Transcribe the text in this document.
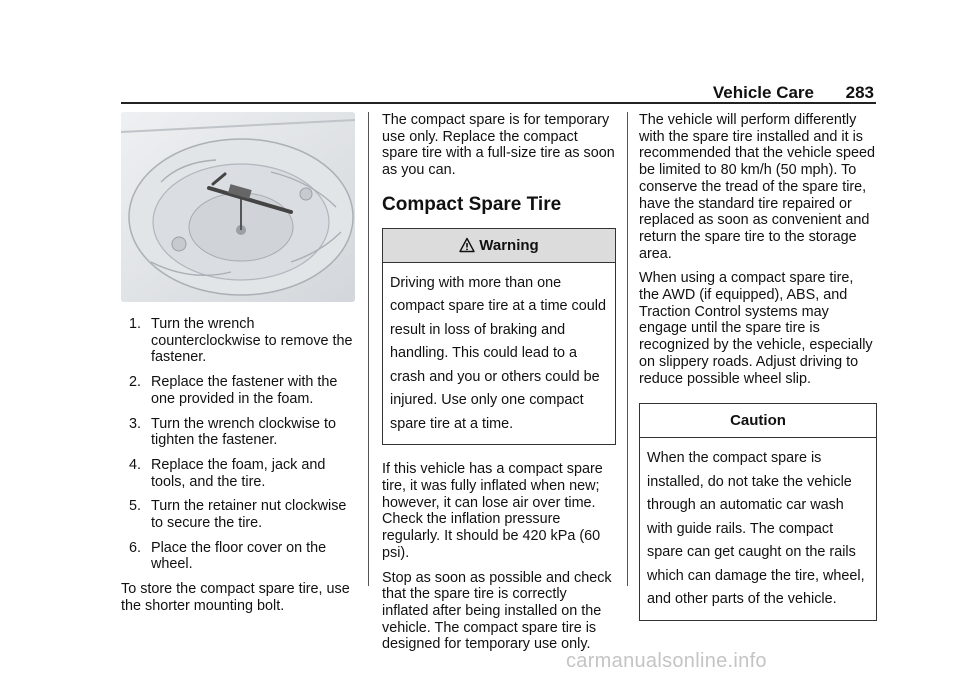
Vehicle Care 283
1. Turn the wrench counterclockwise to remove the fastener.
2. Replace the fastener with the one provided in the foam.
3. Turn the wrench clockwise to tighten the fastener.
4. Replace the foam, jack and tools, and the tire.
5. Turn the retainer nut clockwise to secure the tire.
6. Place the floor cover on the wheel.

To store the compact spare tire, use the shorter mounting bolt.

The compact spare is for temporary use only. Replace the compact spare tire with a full-size tire as soon as you can.

Compact Spare Tire
Warning
Driving with more than one compact spare tire at a time could result in loss of braking and handling. This could lead to a crash and you or others could be injured. Use only one compact spare tire at a time.

If this vehicle has a compact spare tire, it was fully inflated when new; however, it can lose air over time. Check the inflation pressure regularly. It should be 420 kPa (60 psi).

Stop as soon as possible and check that the spare tire is correctly inflated after being installed on the vehicle. The compact spare tire is designed for temporary use only.

The vehicle will perform differently with the spare tire installed and it is recommended that the vehicle speed be limited to 80 km/h (50 mph). To conserve the tread of the spare tire, have the standard tire repaired or replaced as soon as convenient and return the spare tire to the storage area.

When using a compact spare tire, the AWD (if equipped), ABS, and Traction Control systems may engage until the spare tire is recognized by the vehicle, especially on slippery roads. Adjust driving to reduce possible wheel slip.

Caution
When the compact spare is installed, do not take the vehicle through an automatic car wash with guide rails. The compact spare can get caught on the rails which can damage the tire, wheel, and other parts of the vehicle.
carmanualsonline.info
